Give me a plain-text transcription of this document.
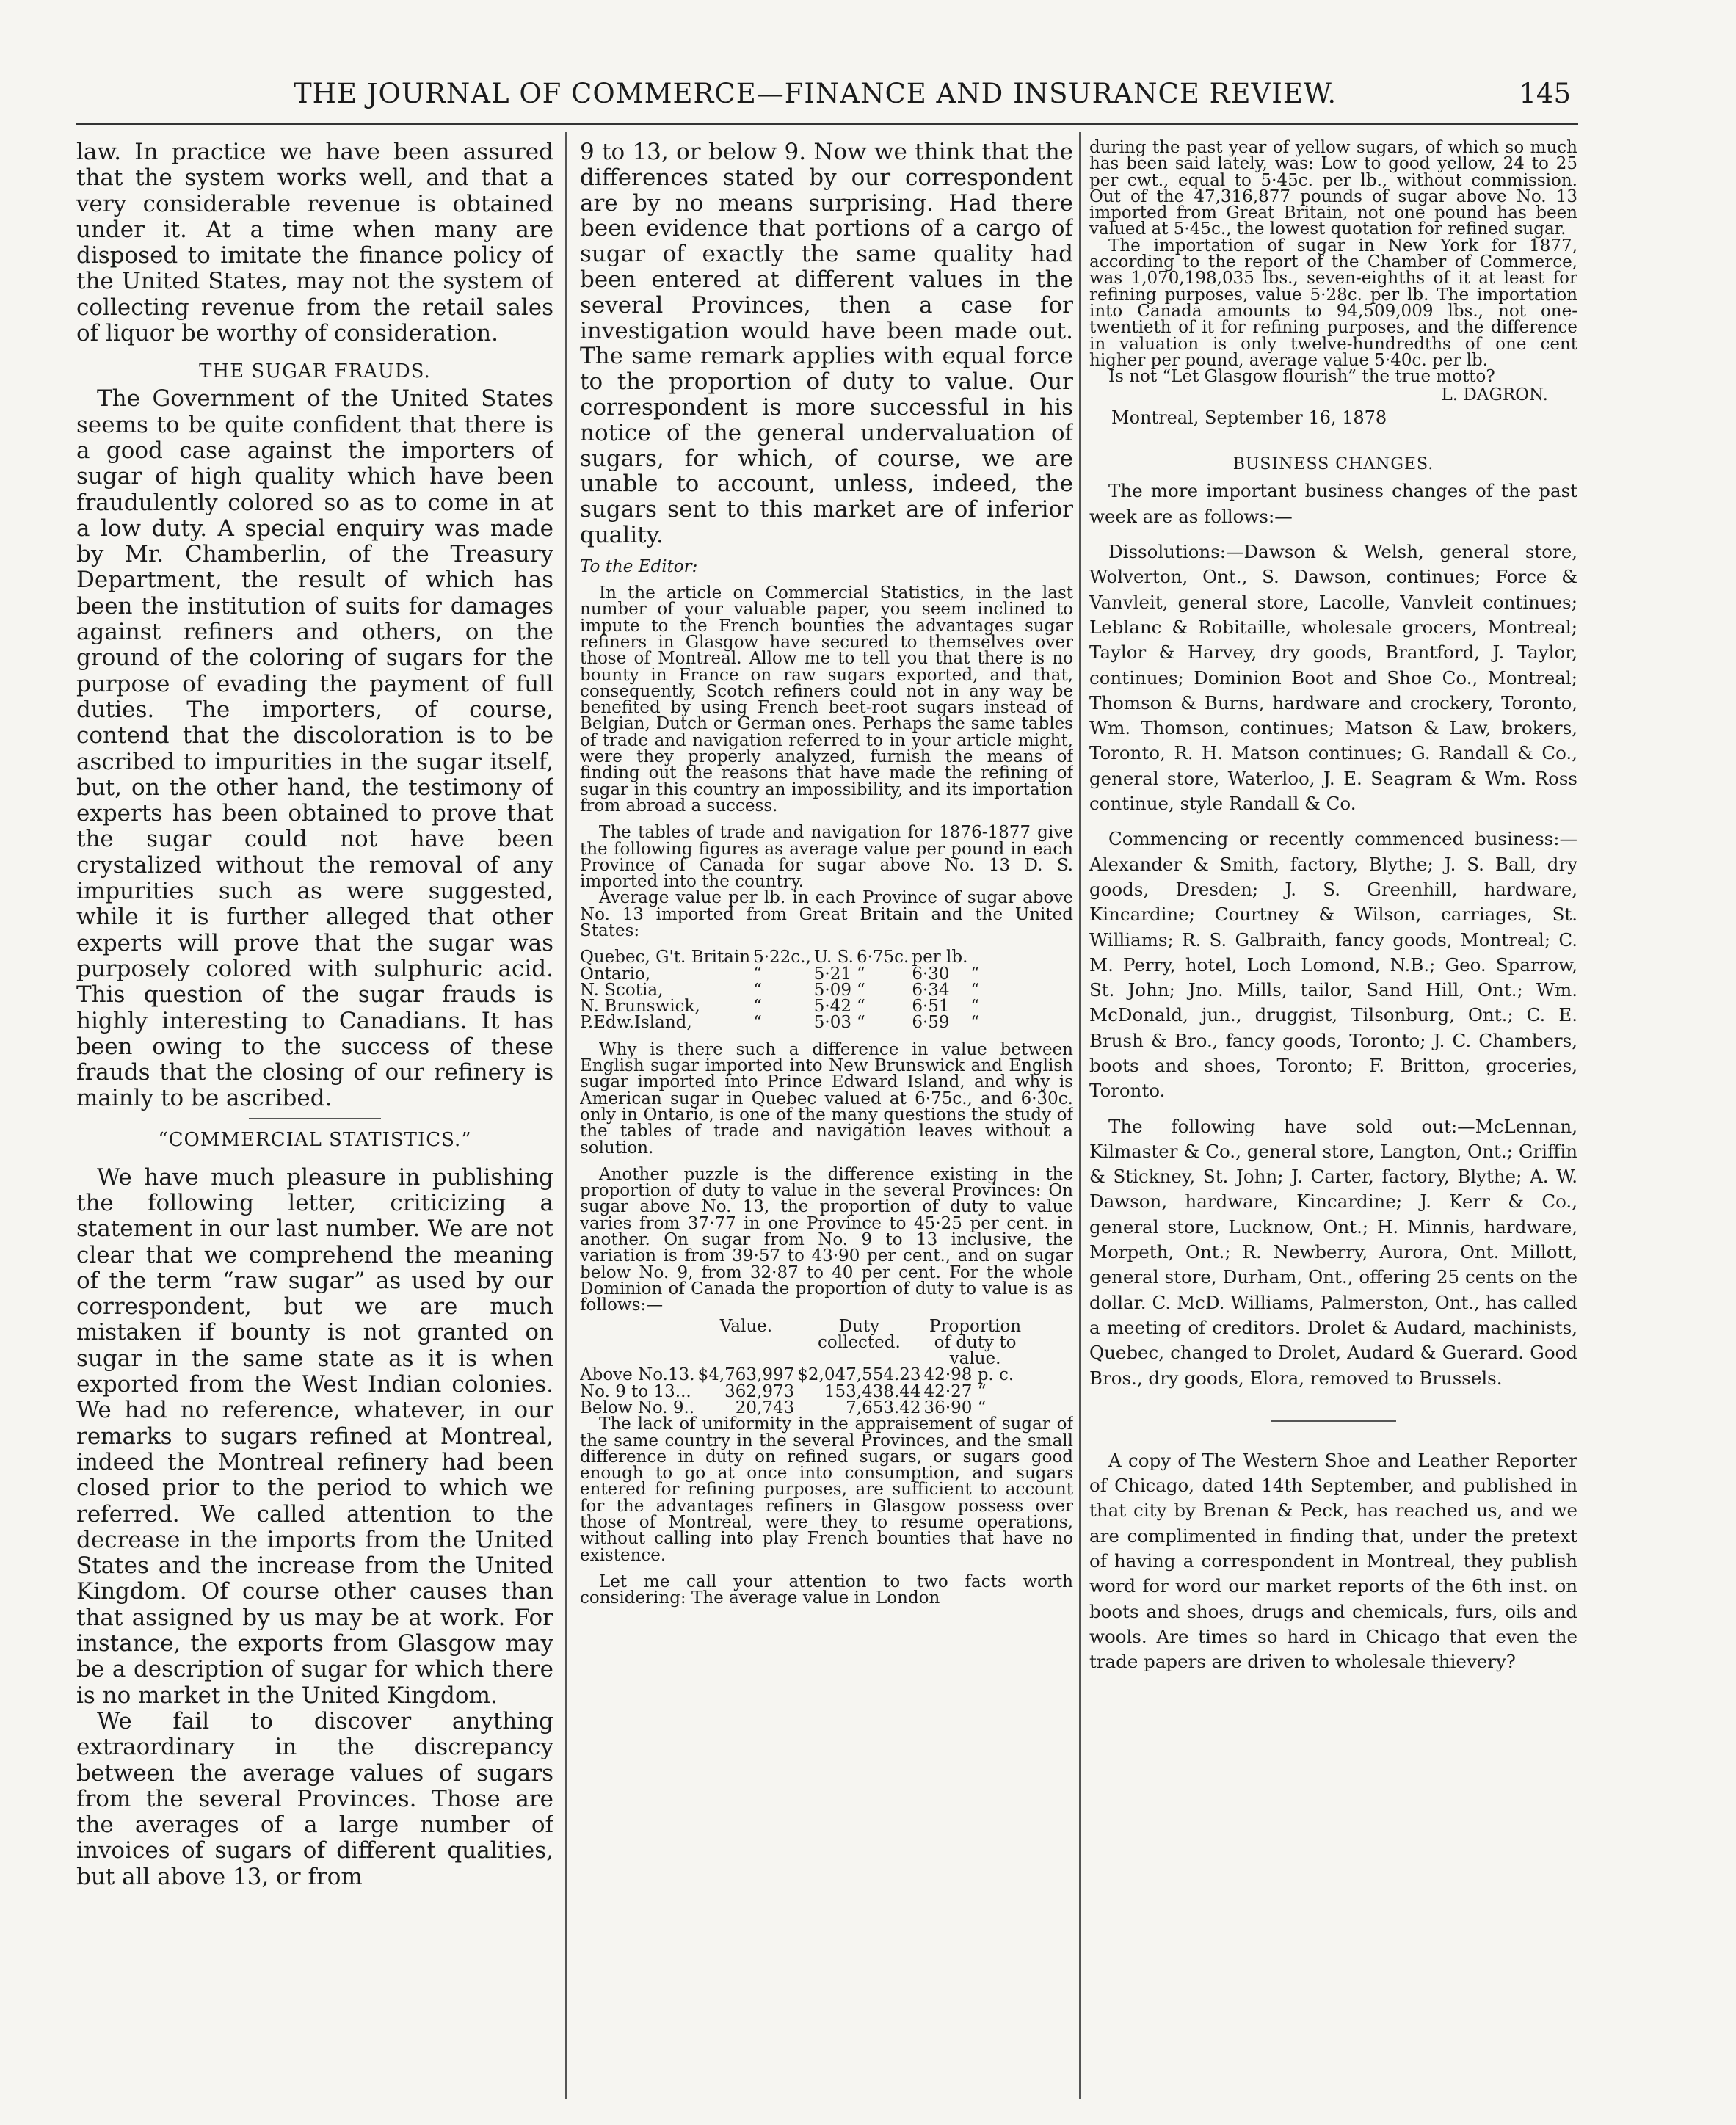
THE JOURNAL OF COMMERCE—FINANCE AND INSURANCE REVIEW.	145

law. In practice we have been assured that the system works well, and that a very considerable revenue is obtained under it. At a time when many are disposed to imitate the finance policy of the United States, may not the system of collecting revenue from the retail sales of liquor be worthy of consideration.

THE SUGAR FRAUDS.

The Government of the United States seems to be quite confident that there is a good case against the importers of sugar of high quality which have been fraudulently colored so as to come in at a low duty. A special enquiry was made by Mr. Chamberlin, of the Treasury Department, the result of which has been the institution of suits for damages against refiners and others, on the ground of the coloring of sugars for the purpose of evading the payment of full duties. The importers, of course, contend that the discoloration is to be ascribed to impurities in the sugar itself, but, on the other hand, the testimony of experts has been obtained to prove that the sugar could not have been crystalized without the removal of any impurities such as were suggested, while it is further alleged that other experts will prove that the sugar was purposely colored with sulphuric acid. This question of the sugar frauds is highly interesting to Canadians. It has been owing to the success of these frauds that the closing of our refinery is mainly to be ascribed.

“COMMERCIAL STATISTICS.”

We have much pleasure in publishing the following letter, criticizing a statement in our last number. We are not clear that we comprehend the meaning of the term “raw sugar” as used by our correspondent, but we are much mistaken if bounty is not granted on sugar in the same state as it is when exported from the West Indian colonies. We had no reference, whatever, in our remarks to sugars refined at Montreal, indeed the Montreal refinery had been closed prior to the period to which we referred. We called attention to the decrease in the imports from the United States and the increase from the United Kingdom. Of course other causes than that assigned by us may be at work. For instance, the exports from Glasgow may be a description of sugar for which there is no market in the United Kingdom.

We fail to discover anything extraordinary in the discrepancy between the average values of sugars from the several Provinces. Those are the averages of a large number of invoices of sugars of different qualities, but all above 13, or from

9 to 13, or below 9. Now we think that the differences stated by our correspondent are by no means surprising. Had there been evidence that portions of a cargo of sugar of exactly the same quality had been entered at different values in the several Provinces, then a case for investigation would have been made out. The same remark applies with equal force to the proportion of duty to value. Our correspondent is more successful in his notice of the general undervaluation of sugars, for which, of course, we are unable to account, unless, indeed, the sugars sent to this market are of inferior quality.

To the Editor:

In the article on Commercial Statistics, in the last number of your valuable paper, you seem inclined to impute to the French bounties the advantages sugar refiners in Glasgow have secured to themselves over those of Montreal. Allow me to tell you that there is no bounty in France on raw sugars exported, and that, consequently, Scotch refiners could not in any way be benefited by using French beet-root sugars instead of Belgian, Dutch or German ones. Perhaps the same tables of trade and navigation referred to in your article might, were they properly analyzed, furnish the means of finding out the reasons that have made the refining of sugar in this country an impossibility, and its importation from abroad a success.

The tables of trade and navigation for 1876-1877 give the following figures as average value per pound in each Province of Canada for sugar above No. 13 D. S. imported into the country.

Average value per lb. in each Province of sugar above No. 13 imported from Great Britain and the United States:

Quebec, G't. Britain	5·22c.,	U. S.	6·75c.	per lb.	
Ontario,	“	5·21	“	6·30	“
N. Scotia,	“	5·09	“	6·34	“
N. Brunswick,	“	5·42	“	6·51	“
P.Edw.Island,	“	5·03	“	6·59	“

Why is there such a difference in value between English sugar imported into New Brunswick and English sugar imported into Prince Edward Island, and why is American sugar in Quebec valued at 6·75c., and 6·30c. only in Ontario, is one of the many questions the study of the tables of trade and navigation leaves without a solution.

Another puzzle is the difference existing in the proportion of duty to value in the several Provinces: On sugar above No. 13, the proportion of duty to value varies from 37·77 in one Province to 45·25 per cent. in another. On sugar from No. 9 to 13 inclusive, the variation is from 39·57 to 43·90 per cent., and on sugar below No. 9, from 32·87 to 40 per cent. For the whole Dominion of Canada the proportion of duty to value is as follows:—

	Value.	Duty collected.	Proportion of duty to value.
Above No.13.	$4,763,997	$2,047,554.23	42·98 p. c.
No. 9 to 13...	362,973	153,438.44	42·27 “
Below No. 9..	20,743	7,653.42	36·90 “

The lack of uniformity in the appraisement of sugar of the same country in the several Provinces, and the small difference in duty on refined sugars, or sugars good enough to go at once into consumption, and sugars entered for refining purposes, are sufficient to account for the advantages refiners in Glasgow possess over those of Montreal, were they to resume operations, without calling into play French bounties that have no existence.

Let me call your attention to two facts worth considering: The average value in London

during the past year of yellow sugars, of which so much has been said lately, was: Low to good yellow, 24 to 25 per cwt., equal to 5·45c. per lb., without commission. Out of the 47,316,877 pounds of sugar above No. 13 imported from Great Britain, not one pound has been valued at 5·45c., the lowest quotation for refined sugar.

The importation of sugar in New York for 1877, according to the report of the Chamber of Commerce, was 1,070,198,035 lbs., seven-eighths of it at least for refining purposes, value 5·28c. per lb. The importation into Canada amounts to 94,509,009 lbs., not one-twentieth of it for refining purposes, and the difference in valuation is only twelve-hundredths of one cent higher per pound, average value 5·40c. per lb.

Is not “Let Glasgow flourish” the true motto?

L. DAGRON.
Montreal, September 16, 1878
BUSINESS CHANGES.

The more important business changes of the past week are as follows:—

Dissolutions:—Dawson & Welsh, general store, Wolverton, Ont., S. Dawson, continues; Force & Vanvleit, general store, Lacolle, Vanvleit continues; Leblanc & Robitaille, wholesale grocers, Montreal; Taylor & Harvey, dry goods, Brantford, J. Taylor, continues; Dominion Boot and Shoe Co., Montreal; Thomson & Burns, hardware and crockery, Toronto, Wm. Thomson, continues; Matson & Law, brokers, Toronto, R. H. Matson continues; G. Randall & Co., general store, Waterloo, J. E. Seagram & Wm. Ross continue, style Randall & Co.

Commencing or recently commenced business:—Alexander & Smith, factory, Blythe; J. S. Ball, dry goods, Dresden; J. S. Greenhill, hardware, Kincardine; Courtney & Wilson, carriages, St. Williams; R. S. Galbraith, fancy goods, Montreal; C. M. Perry, hotel, Loch Lomond, N.B.; Geo. Sparrow, St. John; Jno. Mills, tailor, Sand Hill, Ont.; Wm. McDonald, jun., druggist, Tilsonburg, Ont.; C. E. Brush & Bro., fancy goods, Toronto; J. C. Chambers, boots and shoes, Toronto; F. Britton, groceries, Toronto.

The following have sold out:—McLennan, Kilmaster & Co., general store, Langton, Ont.; Griffin & Stickney, St. John; J. Carter, factory, Blythe; A. W. Dawson, hardware, Kincardine; J. Kerr & Co., general store, Lucknow, Ont.; H. Minnis, hardware, Morpeth, Ont.; R. Newberry, Aurora, Ont. Millott, general store, Durham, Ont., offering 25 cents on the dollar. C. McD. Williams, Palmerston, Ont., has called a meeting of creditors. Drolet & Audard, machinists, Quebec, changed to Drolet, Audard & Guerard. Good Bros., dry goods, Elora, removed to Brussels.

A copy of The Western Shoe and Leather Reporter of Chicago, dated 14th September, and published in that city by Brenan & Peck, has reached us, and we are complimented in finding that, under the pretext of having a correspondent in Montreal, they publish word for word our market reports of the 6th inst. on boots and shoes, drugs and chemicals, furs, oils and wools. Are times so hard in Chicago that even the trade papers are driven to wholesale thievery?
